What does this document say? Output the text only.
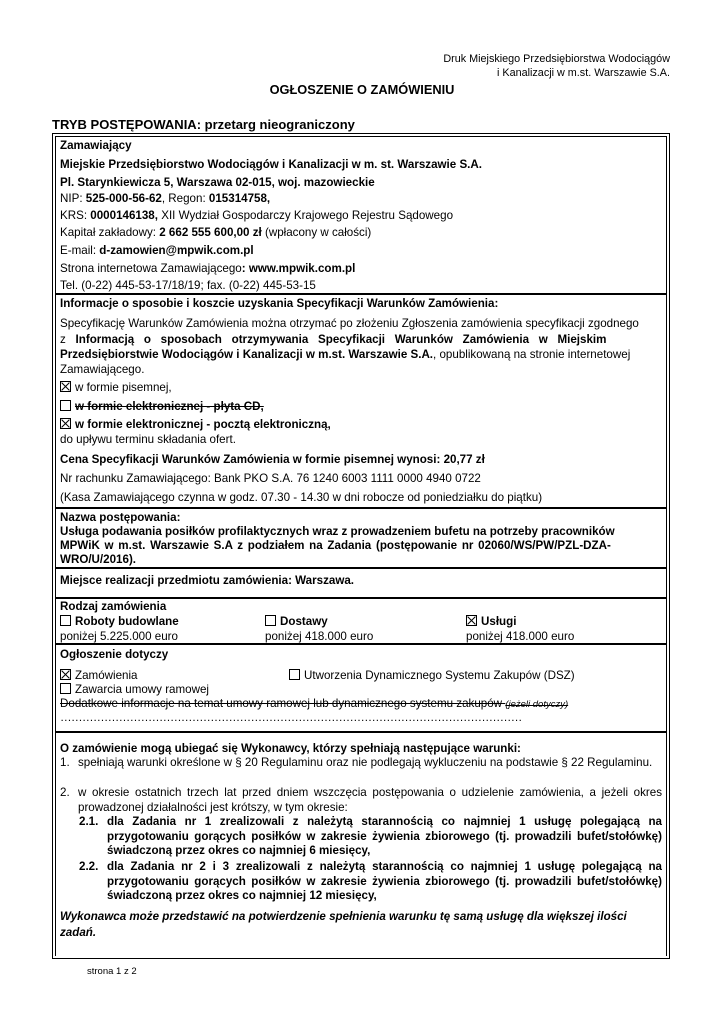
Druk Miejskiego Przedsiębiorstwa Wodociągów
i Kanalizacji w m.st. Warszawie S.A.
OGŁOSZENIE O ZAMÓWIENIU
TRYB POSTĘPOWANIA: przetarg nieograniczony
Zamawiający
Miejskie Przedsiębiorstwo Wodociągów i Kanalizacji w m. st. Warszawie S.A.
Pl. Starynkiewicza 5, Warszawa 02-015, woj. mazowieckie
NIP: 525-000-56-62, Regon: 015314758,
KRS: 0000146138, XII Wydział Gospodarczy Krajowego Rejestru Sądowego
Kapitał zakładowy: 2 662 555 600,00 zł (wpłacony w całości)
E-mail: d-zamowien@mpwik.com.pl
Strona internetowa Zamawiającego: www.mpwik.com.pl
Tel. (0-22) 445-53-17/18/19; fax. (0-22) 445-53-15
Informacje o sposobie i koszcie uzyskania Specyfikacji Warunków Zamówienia:
Specyfikację Warunków Zamówienia można otrzymać po złożeniu Zgłoszenia zamówienia specyfikacji zgodnego
z Informacją o sposobach otrzymywania Specyfikacji Warunków Zamówienia w Miejskim
Przedsiębiorstwie Wodociągów i Kanalizacji w m.st. Warszawie S.A., opublikowaną na stronie internetowej
Zamawiającego.
w formie pisemnej,
w formie elektronicznej - płyta CD,
w formie elektronicznej - pocztą elektroniczną,
do upływu terminu składania ofert.
Cena Specyfikacji Warunków Zamówienia w formie pisemnej wynosi: 20,77 zł
Nr rachunku Zamawiającego: Bank PKO S.A. 76 1240 6003 1111 0000 4940 0722
(Kasa Zamawiającego czynna w godz. 07.30 - 14.30 w dni robocze od poniedziałku do piątku)
Nazwa postępowania:
Usługa podawania posiłków profilaktycznych wraz z prowadzeniem bufetu na potrzeby pracowników
MPWiK w m.st. Warszawie S.A z podziałem na Zadania (postępowanie nr 02060/WS/PW/PZL-DZA-
WRO/U/2016).
Miejsce realizacji przedmiotu zamówienia: Warszawa.
Rodzaj zamówienia
Roboty budowlane
poniżej 5.225.000 euro
Dostawy
poniżej 418.000 euro
Usługi
poniżej 418.000 euro
Ogłoszenie dotyczy
Zamówienia	Utworzenia Dynamicznego Systemu Zakupów (DSZ)
Zawarcia umowy ramowej
Dodatkowe informacje na temat umowy ramowej lub dynamicznego systemu zakupów (jeżeli dotyczy)
………………………………………………………………………………………………………………
O zamówienie mogą ubiegać się Wykonawcy, którzy spełniają następujące warunki:
1. spełniają warunki określone w § 20 Regulaminu oraz nie podlegają wykluczeniu na podstawie § 22 Regulaminu.
2. w okresie ostatnich trzech lat przed dniem wszczęcia postępowania o udzielenie zamówienia, a jeżeli okres prowadzonej działalności jest krótszy, w tym okresie:
2.1. dla Zadania nr 1 zrealizowali z należytą starannością co najmniej 1 usługę polegającą na przygotowaniu gorących posiłków w zakresie żywienia zbiorowego (tj. prowadzili bufet/stołówkę) świadczoną przez okres co najmniej 6 miesięcy,
2.2. dla Zadania nr 2 i 3 zrealizowali z należytą starannością co najmniej 1 usługę polegającą na przygotowaniu gorących posiłków w zakresie żywienia zbiorowego (tj. prowadzili bufet/stołówkę) świadczoną przez okres co najmniej 12 miesięcy,
Wykonawca może przedstawić na potwierdzenie spełnienia warunku tę samą usługę dla większej ilości zadań.
strona 1 z 2
